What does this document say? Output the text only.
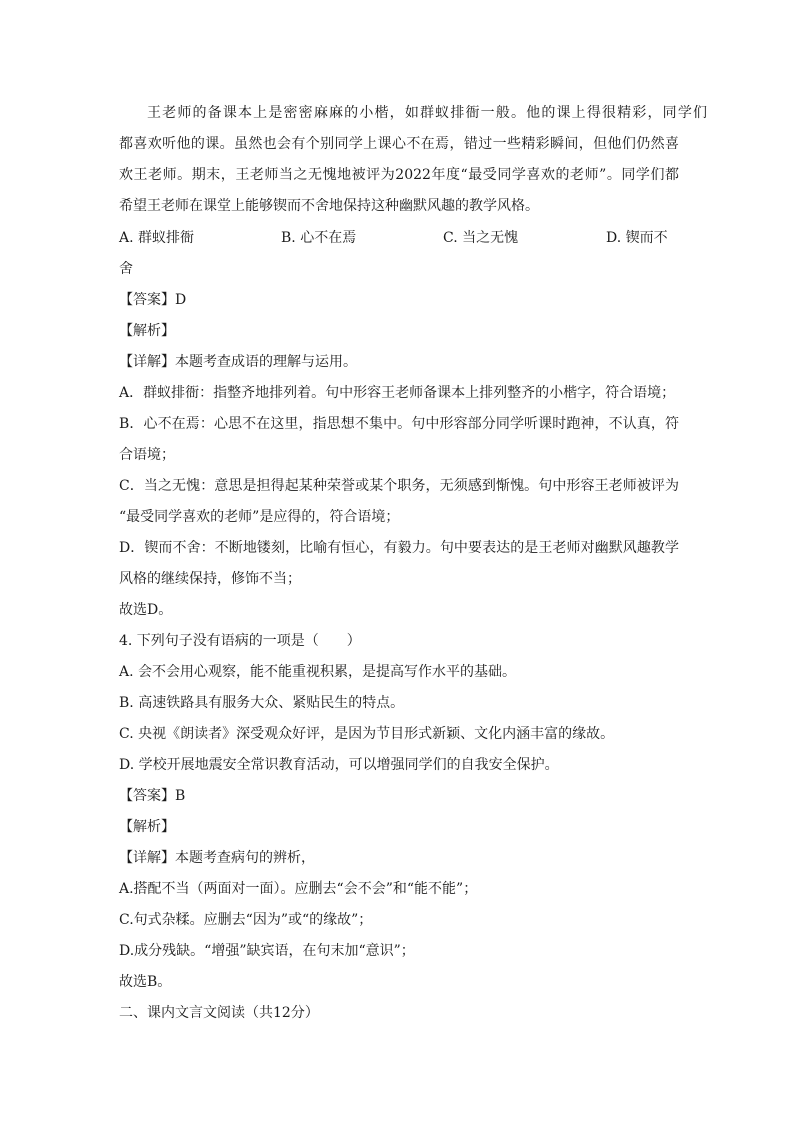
王老师的备课本上是密密麻麻的小楷，如群蚁排衙一般。他的课上得很精彩，同学们
都喜欢听他的课。虽然也会有个别同学上课心不在焉，错过一些精彩瞬间，但他们仍然喜
欢王老师。期末，王老师当之无愧地被评为2022年度“最受同学喜欢的老师”。同学们都
希望王老师在课堂上能够锲而不舍地保持这种幽默风趣的教学风格。
A. 群蚁排衙	B. 心不在焉	C. 当之无愧	D. 锲而不
舍
【答案】D
【解析】
【详解】本题考查成语的理解与运用。
A．群蚁排衙：指整齐地排列着。句中形容王老师备课本上排列整齐的小楷字，符合语境；
B．心不在焉：心思不在这里，指思想不集中。句中形容部分同学听课时跑神，不认真，符
合语境；
C．当之无愧：意思是担得起某种荣誉或某个职务，无须感到惭愧。句中形容王老师被评为
“最受同学喜欢的老师”是应得的，符合语境；
D．锲而不舍：不断地镂刻，比喻有恒心，有毅力。句中要表达的是王老师对幽默风趣教学
风格的继续保持，修饰不当；
故选D。
4. 下列句子没有语病的一项是（　　）
A. 会不会用心观察，能不能重视积累，是提高写作水平的基础。
B. 高速铁路具有服务大众、紧贴民生的特点。
C. 央视《朗读者》深受观众好评，是因为节目形式新颖、文化内涵丰富的缘故。
D. 学校开展地震安全常识教育活动，可以增强同学们的自我安全保护。
【答案】B
【解析】
【详解】本题考查病句的辨析，
A.搭配不当（两面对一面）。应删去“会不会”和“能不能”；
C.句式杂糅。应删去“因为”或“的缘故”；
D.成分残缺。“增强”缺宾语，在句末加“意识”；
故选B。
二、课内文言文阅读（共12分）
